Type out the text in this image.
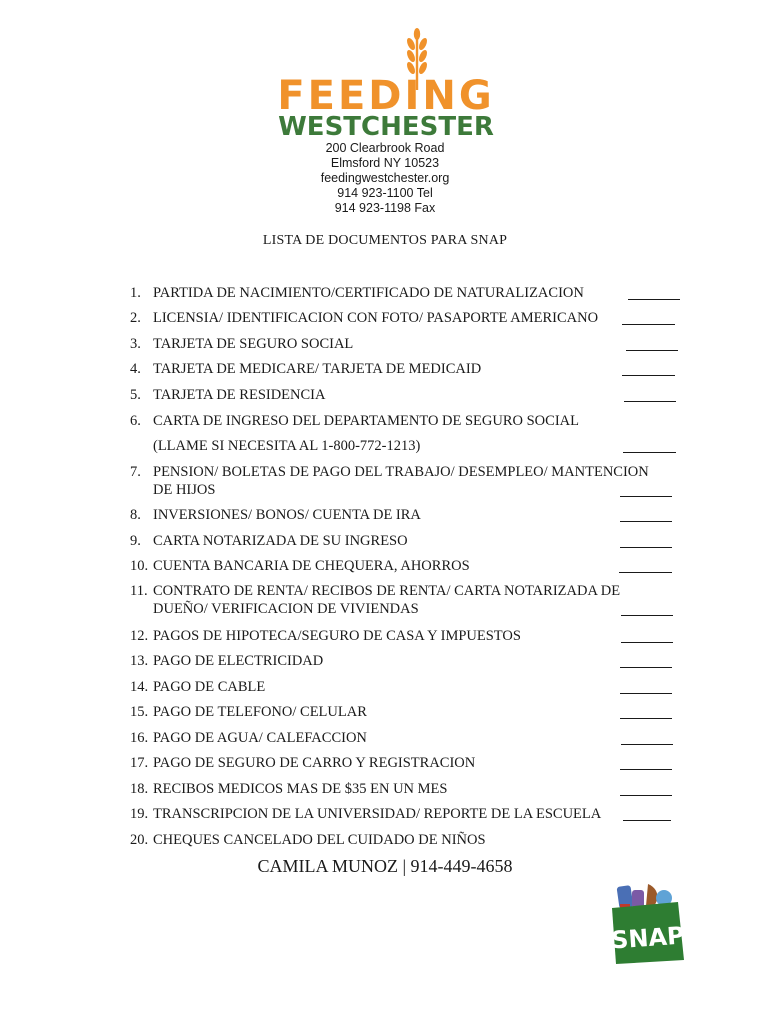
FEEDING
WESTCHESTER
200 Clearbrook Road
Elmsford NY 10523
feedingwestchester.org
914 923-1100 Tel
914 923-1198 Fax
LISTA DE DOCUMENTOS PARA SNAP
1. PARTIDA DE NACIMIENTO/CERTIFICADO DE NATURALIZACION
2. LICENSIA/ IDENTIFICACION CON FOTO/ PASAPORTE AMERICANO
3. TARJETA DE SEGURO SOCIAL
4. TARJETA DE MEDICARE/ TARJETA DE MEDICAID
5. TARJETA DE RESIDENCIA
6. CARTA DE INGRESO DEL DEPARTAMENTO DE SEGURO SOCIAL
(LLAME SI NECESITA AL 1-800-772-1213)
7. PENSION/ BOLETAS DE PAGO DEL TRABAJO/ DESEMPLEO/ MANTENCION
DE HIJOS
8. INVERSIONES/ BONOS/ CUENTA DE IRA
9. CARTA NOTARIZADA DE SU INGRESO
10. CUENTA BANCARIA DE CHEQUERA, AHORROS
11. CONTRATO DE RENTA/ RECIBOS DE RENTA/ CARTA NOTARIZADA DE
DUEÑO/ VERIFICACION DE VIVIENDAS
12. PAGOS DE HIPOTECA/SEGURO DE CASA Y IMPUESTOS
13. PAGO DE ELECTRICIDAD
14. PAGO DE CABLE
15. PAGO DE TELEFONO/ CELULAR
16. PAGO DE AGUA/ CALEFACCION
17. PAGO DE SEGURO DE CARRO Y REGISTRACION
18. RECIBOS MEDICOS MAS DE $35 EN UN MES
19. TRANSCRIPCION DE LA UNIVERSIDAD/ REPORTE DE LA ESCUELA
20. CHEQUES CANCELADO DEL CUIDADO DE NIÑOS
CAMILA MUNOZ | 914-449-4658
SNAP
